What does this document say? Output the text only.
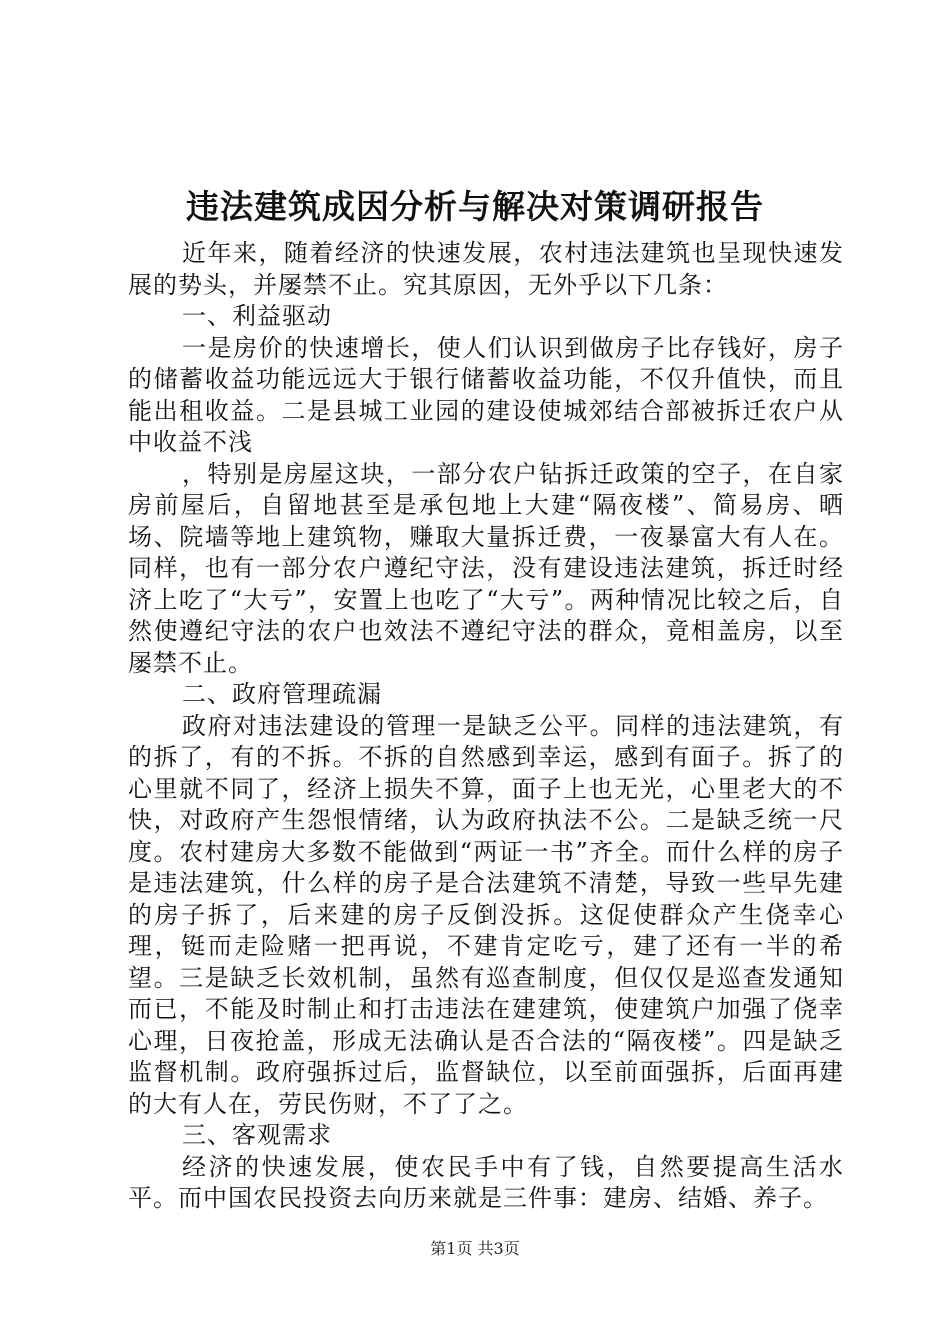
违法建筑成因分析与解决对策调研报告

近年来，随着经济的快速发展，农村违法建筑也呈现快速发展的势头，并屡禁不止。究其原因，无外乎以下几条：

一、利益驱动

一是房价的快速增长，使人们认识到做房子比存钱好，房子的储蓄收益功能远远大于银行储蓄收益功能，不仅升值快，而且能出租收益。二是县城工业园的建设使城郊结合部被拆迁农户从中收益不浅

，特别是房屋这块，一部分农户钻拆迁政策的空子，在自家房前屋后，自留地甚至是承包地上大建“隔夜楼”、简易房、晒场、院墙等地上建筑物，赚取大量拆迁费，一夜暴富大有人在。同样，也有一部分农户遵纪守法，没有建设违法建筑，拆迁时经济上吃了“大亏”，安置上也吃了“大亏”。两种情况比较之后，自然使遵纪守法的农户也效法不遵纪守法的群众，竟相盖房，以至屡禁不止。

二、政府管理疏漏

政府对违法建设的管理一是缺乏公平。同样的违法建筑，有的拆了，有的不拆。不拆的自然感到幸运，感到有面子。拆了的心里就不同了，经济上损失不算，面子上也无光，心里老大的不快，对政府产生怨恨情绪，认为政府执法不公。二是缺乏统一尺度。农村建房大多数不能做到“两证一书”齐全。而什么样的房子是违法建筑，什么样的房子是合法建筑不清楚，导致一些早先建的房子拆了，后来建的房子反倒没拆。这促使群众产生侥幸心理，铤而走险赌一把再说，不建肯定吃亏，建了还有一半的希望。三是缺乏长效机制，虽然有巡查制度，但仅仅是巡查发通知而已，不能及时制止和打击违法在建建筑，使建筑户加强了侥幸心理，日夜抢盖，形成无法确认是否合法的“隔夜楼”。四是缺乏监督机制。政府强拆过后，监督缺位，以至前面强拆，后面再建的大有人在，劳民伤财，不了了之。

三、客观需求

经济的快速发展，使农民手中有了钱，自然要提高生活水平。而中国农民投资去向历来就是三件事：建房、结婚、养子。

第1页 共3页
